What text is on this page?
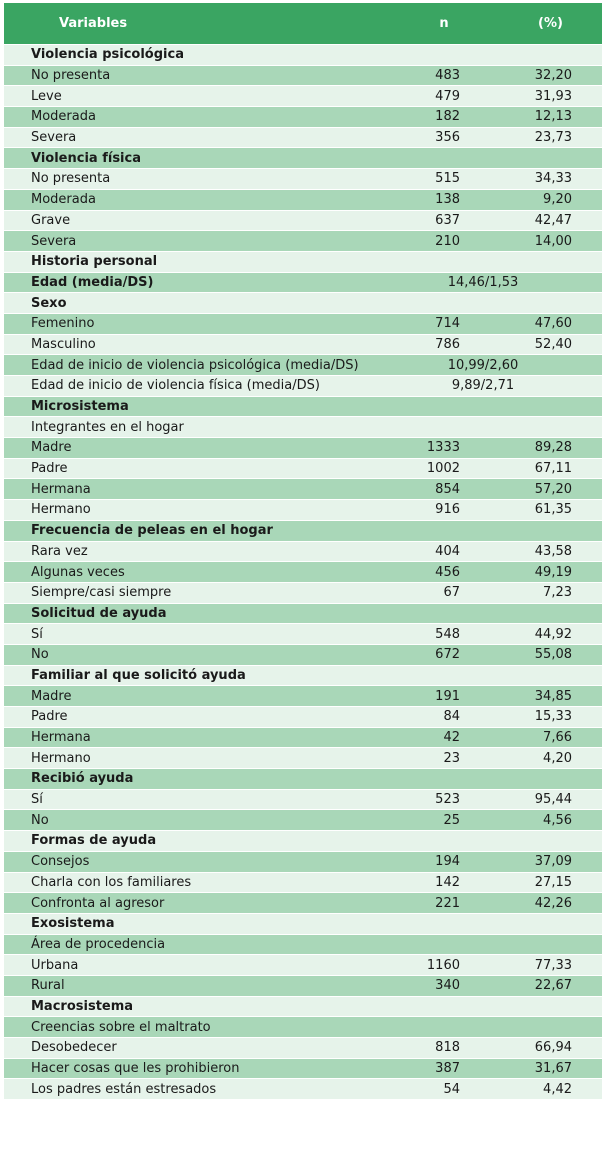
Variables	n	(%)
Violencia psicológica
No presenta	483	32,20
Leve	479	31,93
Moderada	182	12,13
Severa	356	23,73
Violencia física
No presenta	515	34,33
Moderada	138	9,20
Grave	637	42,47
Severa	210	14,00
Historia personal
Edad (media/DS)	14,46/1,53
Sexo
Femenino	714	47,60
Masculino	786	52,40
Edad de inicio de violencia psicológica (media/DS)	10,99/2,60
Edad de inicio de violencia física (media/DS)	9,89/2,71
Microsistema
Integrantes en el hogar
Madre	1333	89,28
Padre	1002	67,11
Hermana	854	57,20
Hermano	916	61,35
Frecuencia de peleas en el hogar
Rara vez	404	43,58
Algunas veces	456	49,19
Siempre/casi siempre	67	7,23
Solicitud de ayuda
Sí	548	44,92
No	672	55,08
Familiar al que solicitó ayuda
Madre	191	34,85
Padre	84	15,33
Hermana	42	7,66
Hermano	23	4,20
Recibió ayuda
Sí	523	95,44
No	25	4,56
Formas de ayuda
Consejos	194	37,09
Charla con los familiares	142	27,15
Confronta al agresor	221	42,26
Exosistema
Área de procedencia
Urbana	1160	77,33
Rural	340	22,67
Macrosistema
Creencias sobre el maltrato
Desobedecer	818	66,94
Hacer cosas que les prohibieron	387	31,67
Los padres están estresados	54	4,42
